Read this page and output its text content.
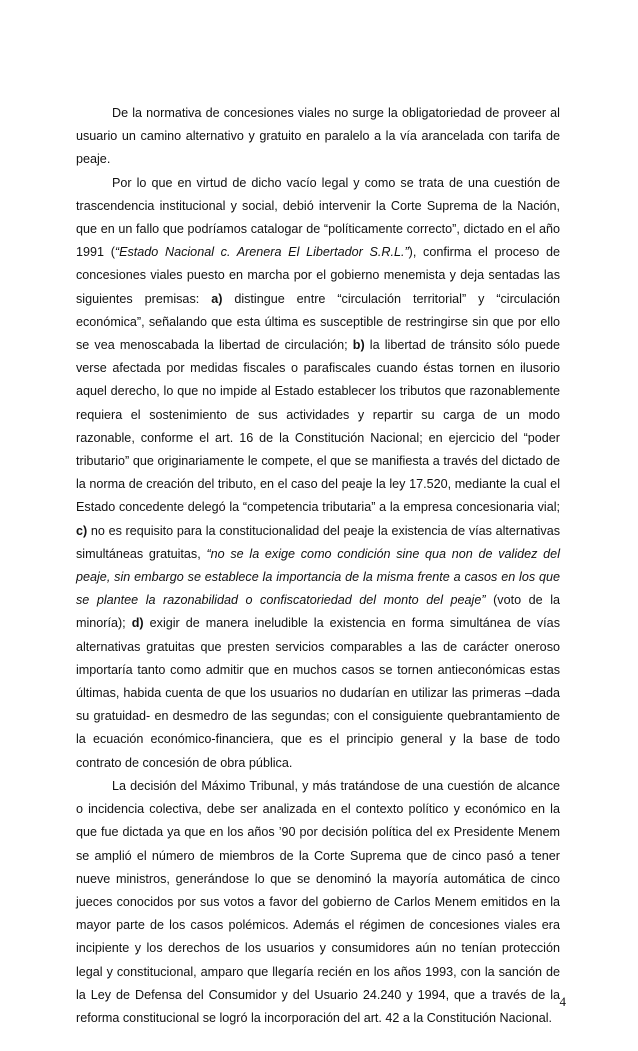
De la normativa de concesiones viales no surge la obligatoriedad de proveer al usuario un camino alternativo y gratuito en paralelo a la vía arancelada con tarifa de peaje.

Por lo que en virtud de dicho vacío legal y como se trata de una cuestión de trascendencia institucional y social, debió intervenir la Corte Suprema de la Nación, que en un fallo que podríamos catalogar de “políticamente correcto”, dictado en el año 1991 (“Estado Nacional c. Arenera El Libertador S.R.L.”), confirma el proceso de concesiones viales puesto en marcha por el gobierno menemista y deja sentadas las siguientes premisas: a) distingue entre “circulación territorial” y “circulación económica”, señalando que esta última es susceptible de restringirse sin que por ello se vea menoscabada la libertad de circulación; b) la libertad de tránsito sólo puede verse afectada por medidas fiscales o parafiscales cuando éstas tornen en ilusorio aquel derecho, lo que no impide al Estado establecer los tributos que razonablemente requiera el sostenimiento de sus actividades y repartir su carga de un modo razonable, conforme el art. 16 de la Constitución Nacional; en ejercicio del “poder tributario” que originariamente le compete, el que se manifiesta a través del dictado de la norma de creación del tributo, en el caso del peaje la ley 17.520, mediante la cual el Estado concedente delegó la “competencia tributaria” a la empresa concesionaria vial; c) no es requisito para la constitucionalidad del peaje la existencia de vías alternativas simultáneas gratuitas, “no se la exige como condición sine qua non de validez del peaje, sin embargo se establece la importancia de la misma frente a casos en los que se plantee la razonabilidad o confiscatoriedad del monto del peaje” (voto de la minoría); d) exigir de manera ineludible la existencia en forma simultánea de vías alternativas gratuitas que presten servicios comparables a las de carácter oneroso importaría tanto como admitir que en muchos casos se tornen antieconómicas estas últimas, habida cuenta de que los usuarios no dudarían en utilizar las primeras –dada su gratuidad- en desmedro de las segundas; con el consiguiente quebrantamiento de la ecuación económico-financiera, que es el principio general y la base de todo contrato de concesión de obra pública.

La decisión del Máximo Tribunal, y más tratándose de una cuestión de alcance o incidencia colectiva, debe ser analizada en el contexto político y económico en la que fue dictada ya que en los años ’90 por decisión política del ex Presidente Menem se amplió el número de miembros de la Corte Suprema que de cinco pasó a tener nueve ministros, generándose lo que se denominó la mayoría automática de cinco jueces conocidos por sus votos a favor del gobierno de Carlos Menem emitidos en la mayor parte de los casos polémicos. Además el régimen de concesiones viales era incipiente y los derechos de los usuarios y consumidores aún no tenían protección legal y constitucional, amparo que llegaría recién en los años 1993, con la sanción de la Ley de Defensa del Consumidor y del Usuario 24.240 y 1994, que a través de la reforma constitucional se logró la incorporación del art. 42 a la Constitución Nacional.

4
